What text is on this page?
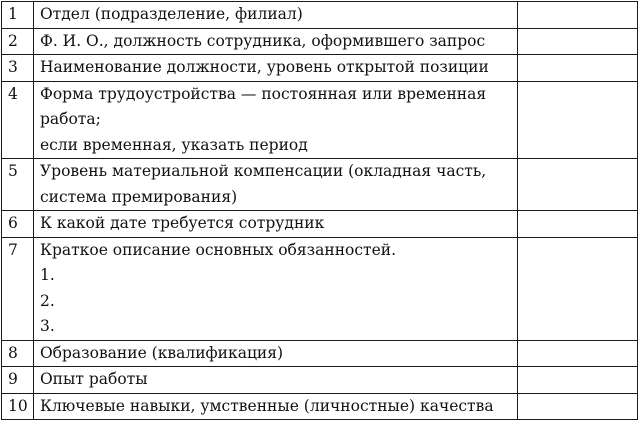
1	Отдел (подразделение, филиал)	

2	Ф. И. О., должность сотрудника, оформившего запрос	

3	Наименование должности, уровень открытой позиции	

4	Форма трудоустройства — постоянная или временная
работа;
если временная, указать период	

5	Уровень материальной компенсации (окладная часть,
система премирования)	

6	К какой дате требуется сотрудник	

7	Краткое описание основных обязанностей.
1.
2.
3.	

8	Образование (квалификация)	

9	Опыт работы	

10	Ключевые навыки, умственные (личностные) качества	
